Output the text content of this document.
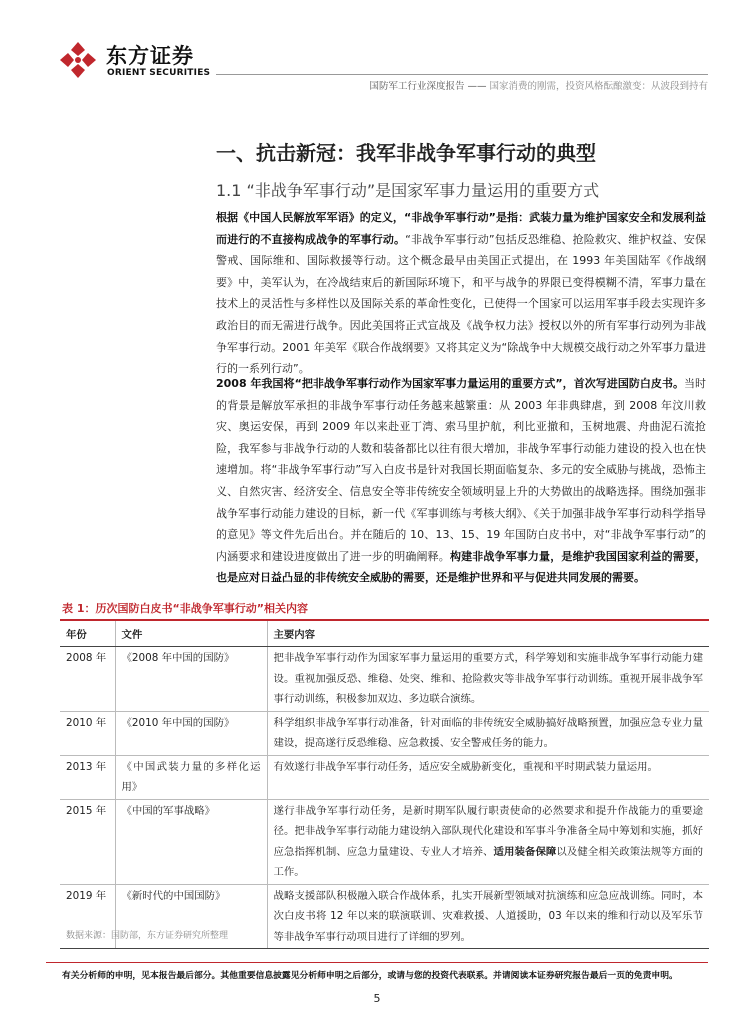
东方证券
ORIENT SECURITIES
国防军工行业深度报告 —— 国家消费的刚需，投资风格酝酿激变：从波段到持有
一、抗击新冠：我军非战争军事行动的典型
1.1 “非战争军事行动”是国家军事力量运用的重要方式
根据《中国人民解放军军语》的定义，“非战争军事行动”是指：武装力量为维护国家安全和发展利益而进行的不直接构成战争的军事行动。“非战争军事行动”包括反恐维稳、抢险救灾、维护权益、安保警戒、国际维和、国际救援等行动。这个概念最早由美国正式提出，在 1993 年美国陆军《作战纲要》中，美军认为，在冷战结束后的新国际环境下，和平与战争的界限已变得模糊不清，军事力量在技术上的灵活性与多样性以及国际关系的革命性变化，已使得一个国家可以运用军事手段去实现许多政治目的而无需进行战争。因此美国将正式宣战及《战争权力法》授权以外的所有军事行动列为非战争军事行动。2001 年美军《联合作战纲要》又将其定义为“除战争中大规模交战行动之外军事力量进行的一系列行动”。
2008 年我国将“把非战争军事行动作为国家军事力量运用的重要方式”，首次写进国防白皮书。当时的背景是解放军承担的非战争军事行动任务越来越繁重：从 2003 年非典肆虐，到 2008 年汶川救灾、奥运安保，再到 2009 年以来赴亚丁湾、索马里护航，利比亚撤和，玉树地震、舟曲泥石流抢险，我军参与非战争行动的人数和装备都比以往有很大增加，非战争军事行动能力建设的投入也在快速增加。将“非战争军事行动”写入白皮书是针对我国长期面临复杂、多元的安全威胁与挑战，恐怖主义、自然灾害、经济安全、信息安全等非传统安全领域明显上升的大势做出的战略选择。围绕加强非战争军事行动能力建设的目标，新一代《军事训练与考核大纲》、《关于加强非战争军事行动科学指导的意见》等文件先后出台。并在随后的 10、13、15、19 年国防白皮书中，对“非战争军事行动”的内涵要求和建设进度做出了进一步的明确阐释。构建非战争军事力量，是维护我国国家利益的需要，也是应对日益凸显的非传统安全威胁的需要，还是维护世界和平与促进共同发展的需要。
表 1：历次国防白皮书“非战争军事行动”相关内容
年份	文件	主要内容
2008 年	《2008 年中国的国防》	把非战争军事行动作为国家军事力量运用的重要方式，科学筹划和实施非战争军事行动能力建设。重视加强反恐、维稳、处突、维和、抢险救灾等非战争军事行动训练。重视开展非战争军事行动训练，积极参加双边、多边联合演练。
2010 年	《2010 年中国的国防》	科学组织非战争军事行动准备，针对面临的非传统安全威胁搞好战略预置，加强应急专业力量建设，提高遂行反恐维稳、应急救援、安全警戒任务的能力。
2013 年	《中国武装力量的多样化运用》	有效遂行非战争军事行动任务，适应安全威胁新变化，重视和平时期武装力量运用。
2015 年	《中国的军事战略》	遂行非战争军事行动任务，是新时期军队履行职责使命的必然要求和提升作战能力的重要途径。把非战争军事行动能力建设纳入部队现代化建设和军事斗争准备全局中筹划和实施，抓好应急指挥机制、应急力量建设、专业人才培养、适用装备保障以及健全相关政策法规等方面的工作。
2019 年	《新时代的中国国防》	战略支援部队积极融入联合作战体系，扎实开展新型领域对抗演练和应急应战训练。同时，本次白皮书将 12 年以来的联演联训、灾难救援、人道援助，03 年以来的维和行动以及军乐节等非战争军事行动项目进行了详细的罗列。
数据来源：国防部，东方证券研究所整理
有关分析师的申明，见本报告最后部分。其他重要信息披露见分析师申明之后部分，或请与您的投资代表联系。并请阅读本证券研究报告最后一页的免责申明。
5
